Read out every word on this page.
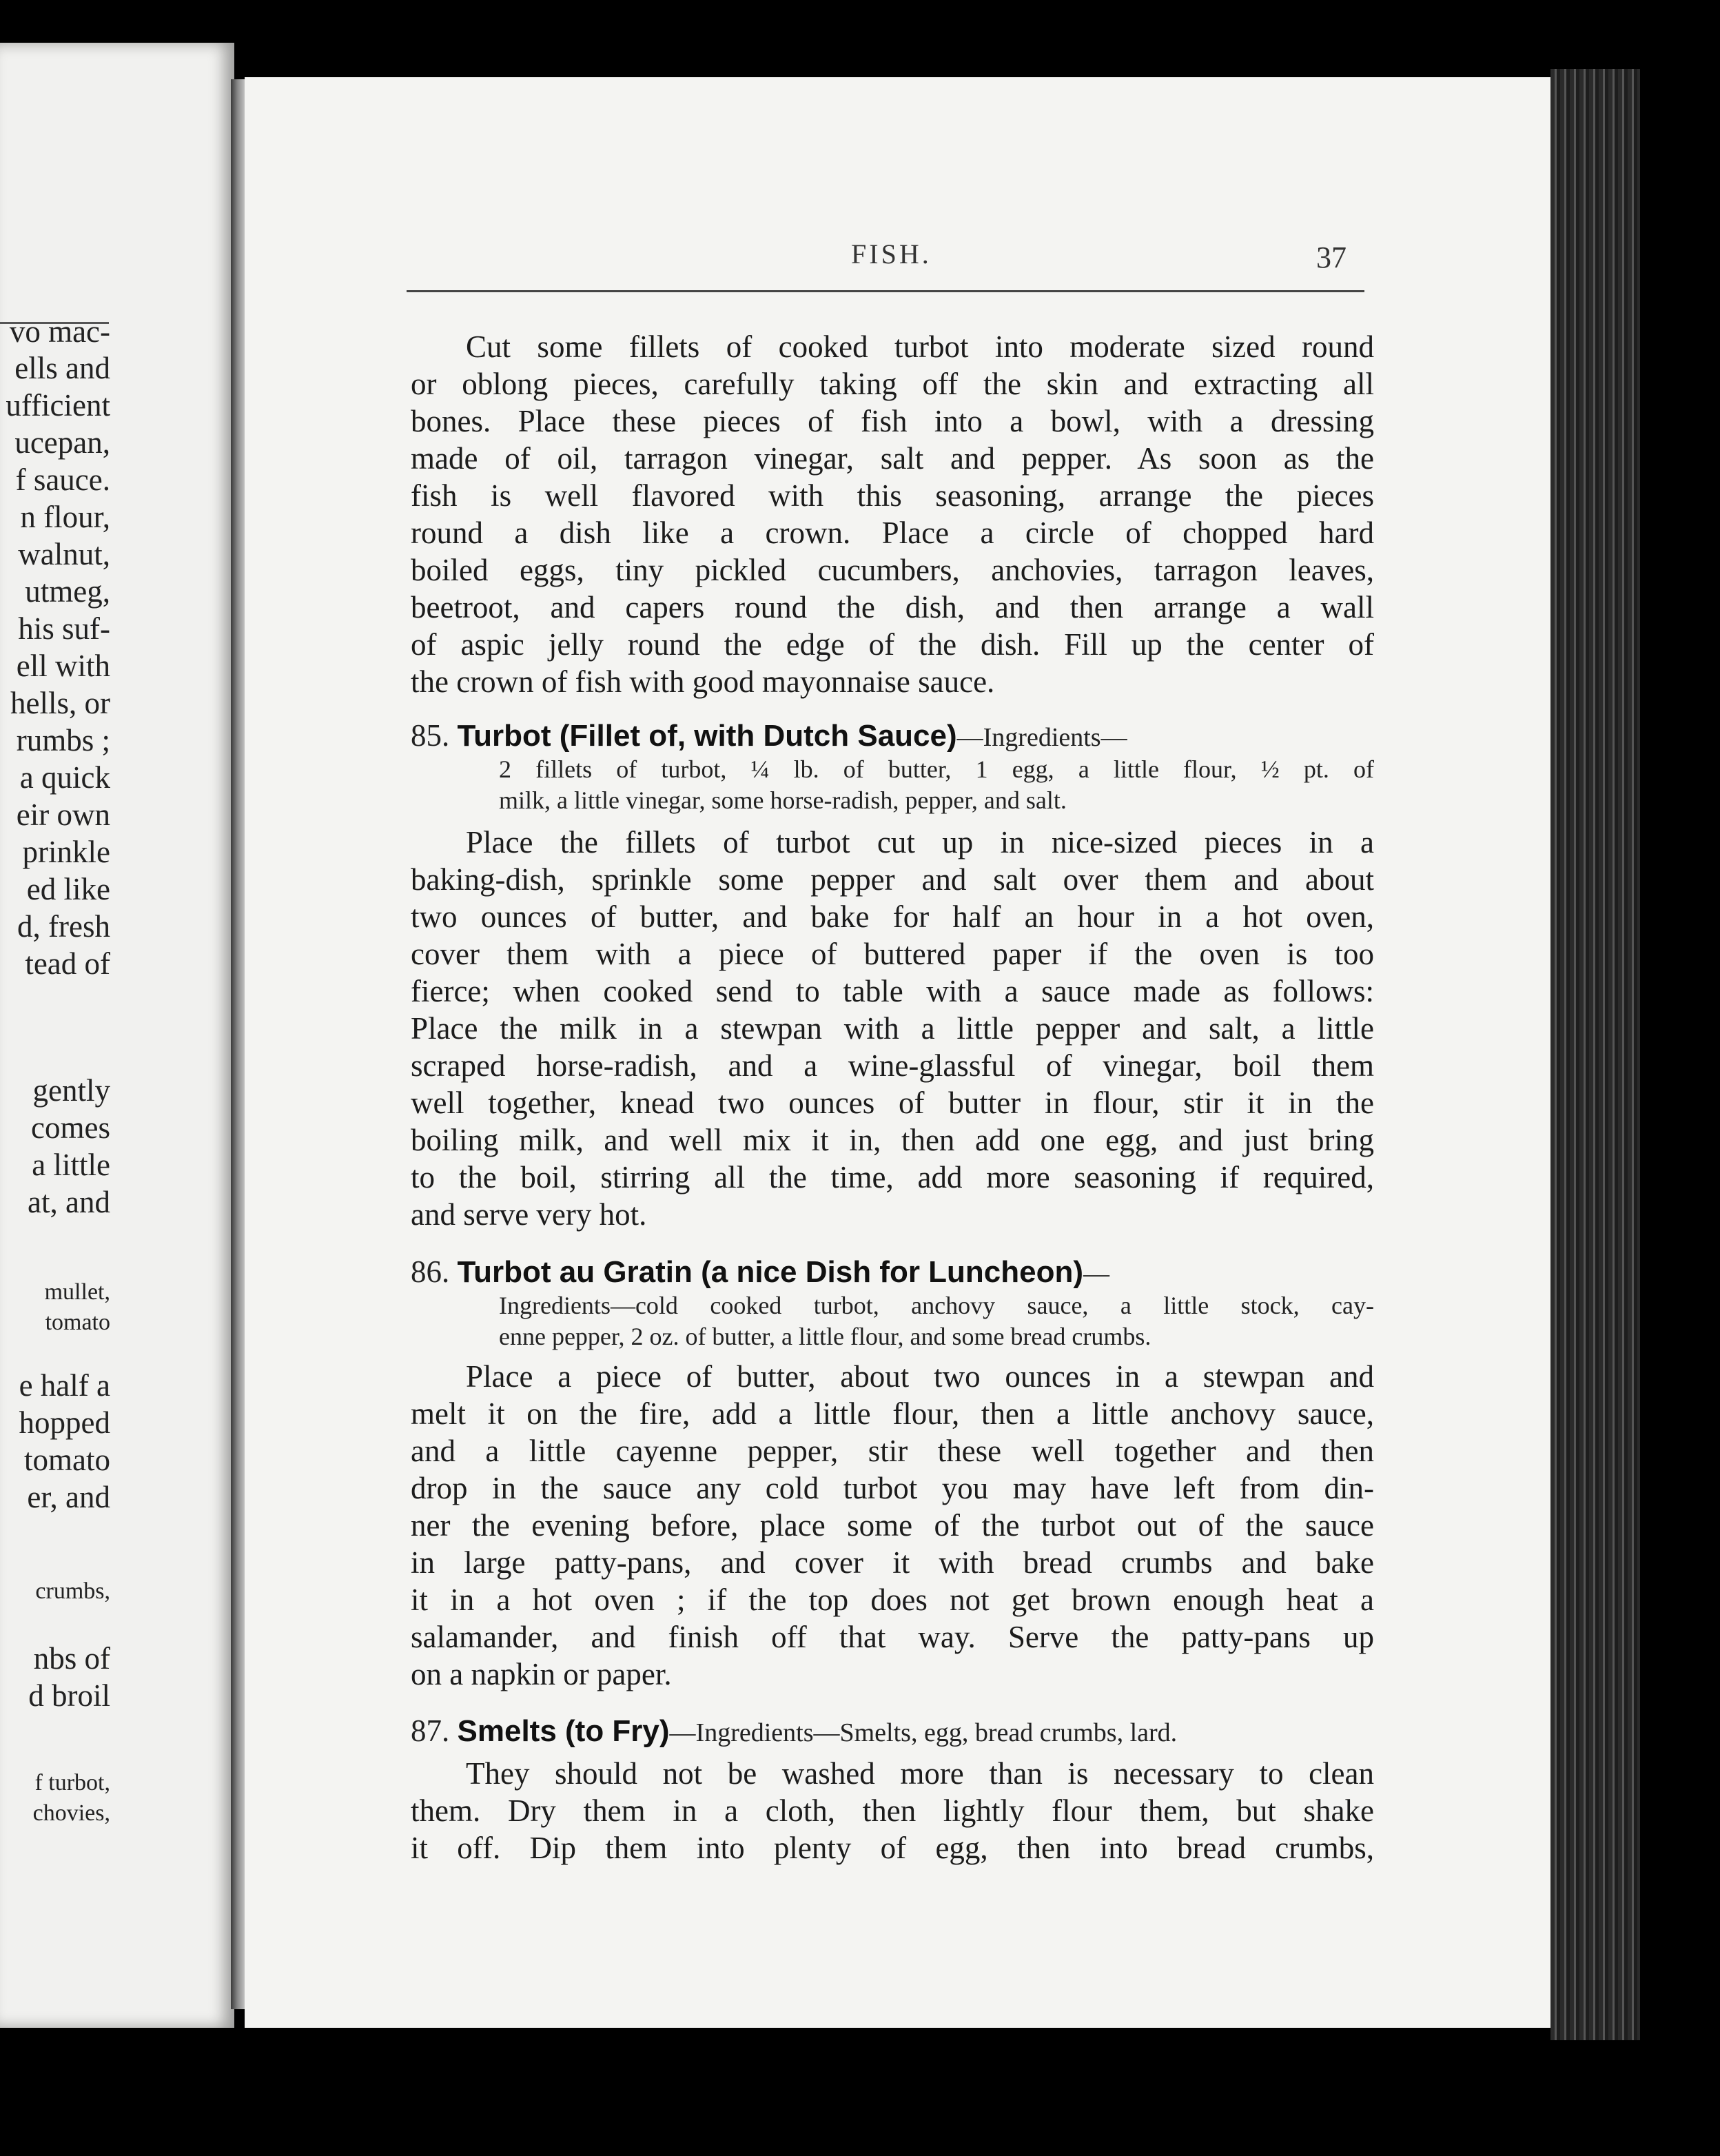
vo mac-
ells and
ufficient
ucepan,
f sauce.
n flour,
walnut,
utmeg,
his suf-
ell with
hells, or
rumbs ;
a quick
eir own
prinkle
ed like
d, fresh
tead of
gently
comes
a little
at, and
mullet,
tomato
e half a
hopped
tomato
er, and
crumbs,
nbs of
d broil
f turbot,
chovies,
FISH.	37
Cut some fillets of cooked turbot into moderate sized round
or oblong pieces, carefully taking off the skin and extracting all
bones. Place these pieces of fish into a bowl, with a dressing
made of oil, tarragon vinegar, salt and pepper. As soon as the
fish is well flavored with this seasoning, arrange the pieces
round a dish like a crown. Place a circle of chopped hard
boiled eggs, tiny pickled cucumbers, anchovies, tarragon leaves,
beetroot, and capers round the dish, and then arrange a wall
of aspic jelly round the edge of the dish. Fill up the center of
the crown of fish with good mayonnaise sauce.
85. Turbot (Fillet of, with Dutch Sauce)—Ingredients—
2 fillets of turbot, ¼ lb. of butter, 1 egg, a little flour, ½ pt. of
milk, a little vinegar, some horse-radish, pepper, and salt.
Place the fillets of turbot cut up in nice-sized pieces in a
baking-dish, sprinkle some pepper and salt over them and about
two ounces of butter, and bake for half an hour in a hot oven,
cover them with a piece of buttered paper if the oven is too
fierce; when cooked send to table with a sauce made as follows:
Place the milk in a stewpan with a little pepper and salt, a little
scraped horse-radish, and a wine-glassful of vinegar, boil them
well together, knead two ounces of butter in flour, stir it in the
boiling milk, and well mix it in, then add one egg, and just bring
to the boil, stirring all the time, add more seasoning if required,
and serve very hot.
86. Turbot au Gratin (a nice Dish for Luncheon)—
Ingredients—cold cooked turbot, anchovy sauce, a little stock, cay-
enne pepper, 2 oz. of butter, a little flour, and some bread crumbs.
Place a piece of butter, about two ounces in a stewpan and
melt it on the fire, add a little flour, then a little anchovy sauce,
and a little cayenne pepper, stir these well together and then
drop in the sauce any cold turbot you may have left from din-
ner the evening before, place some of the turbot out of the sauce
in large patty-pans, and cover it with bread crumbs and bake
it in a hot oven ; if the top does not get brown enough heat a
salamander, and finish off that way. Serve the patty-pans up
on a napkin or paper.
87. Smelts (to Fry)—Ingredients—Smelts, egg, bread crumbs, lard.
They should not be washed more than is necessary to clean
them. Dry them in a cloth, then lightly flour them, but shake
it off. Dip them into plenty of egg, then into bread crumbs,
